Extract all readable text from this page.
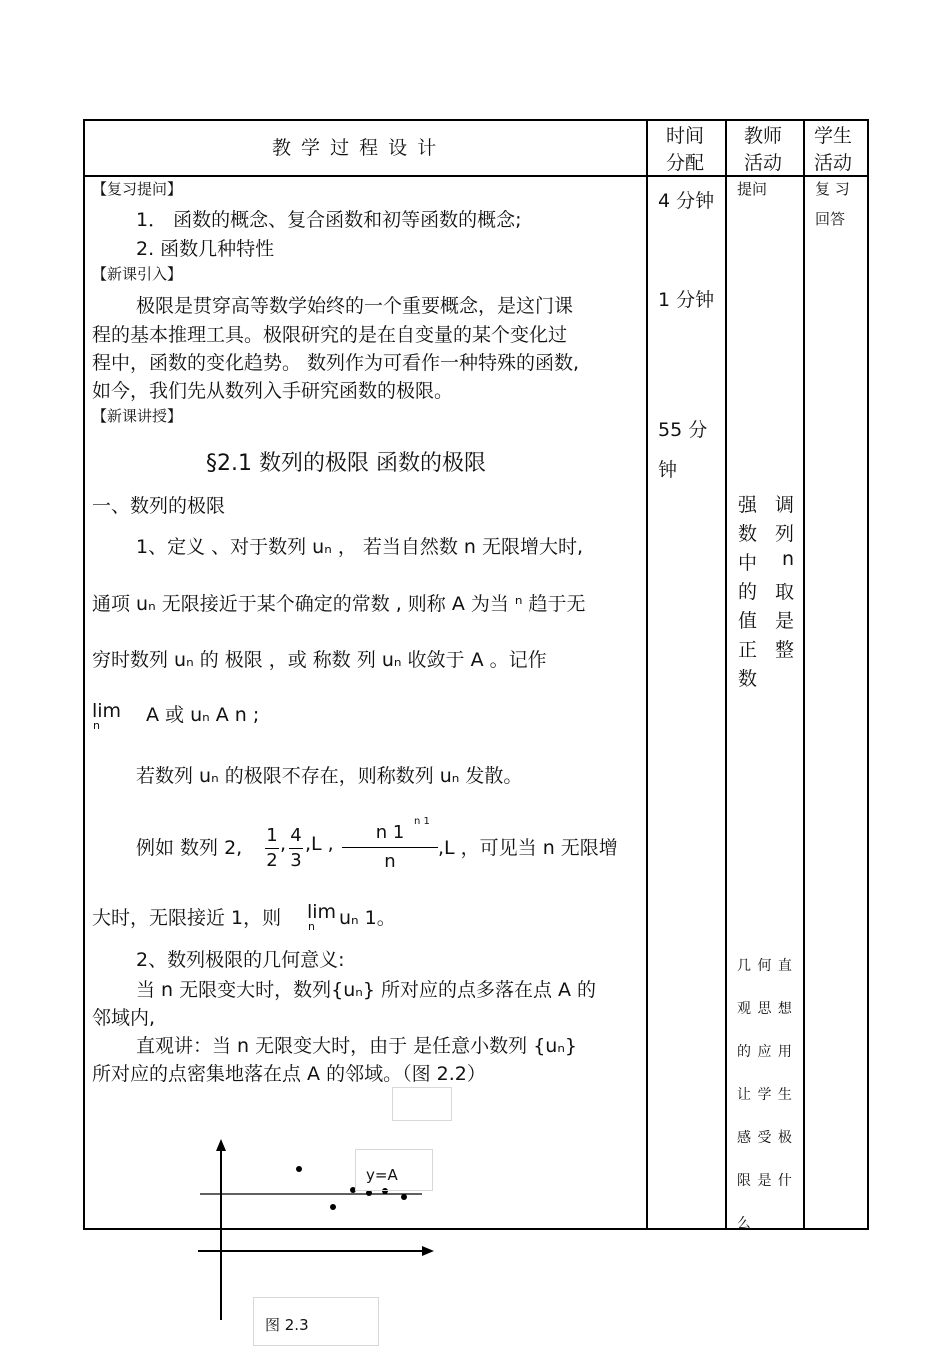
教 学 过 程 设 计
时间
分配
教师
活动
学生
活动
【复习提问】
1． 函数的概念、复合函数和初等函数的概念;
2. 函数几种特性
【新课引入】
极限是贯穿高等数学始终的一个重要概念，是这门课
程的基本推理工具。极限研究的是在自变量的某个变化过
程中，函数的变化趋势。 数列作为可看作一种特殊的函数,
如今，我们先从数列入手研究函数的极限。
【新课讲授】
§2.1 数列的极限 函数的极限
一、数列的极限
1、定义 、对于数列 uₙ ， 若当自然数 n 无限增大时,
通项 uₙ 无限接近于某个确定的常数 , 则称 A 为当 ⁿ 趋于无
穷时数列 uₙ 的 极限 ，或 称数 列 uₙ 收敛于 A 。记作
lim
n A 或 uₙ A n ;
若数列 uₙ 的极限不存在，则称数列 uₙ 发散。
例如 数列 2,
1
2
, 4
3
,L ,
n 1
n
n 1
,L ，可见当 n 无限增
大时，无限接近 1，则 lim
n uₙ 1。
2、数列极限的几何意义:
当 n 无限变大时，数列{uₙ} 所对应的点多落在点 A 的
邻域内,
直观讲：当 n 无限变大时，由于 是任意小数列 {uₙ}
所对应的点密集地落在点 A 的邻域。（图 2.2）
y=A
图 2.3
4 分钟
1 分钟
55 分
钟
提问
强 调
数 列
中 n
的 取
值 是
正 整
数
几 何 直
观 思 想
的 应 用
让 学 生
感 受 极
限 是 什
么
复 习
回答
